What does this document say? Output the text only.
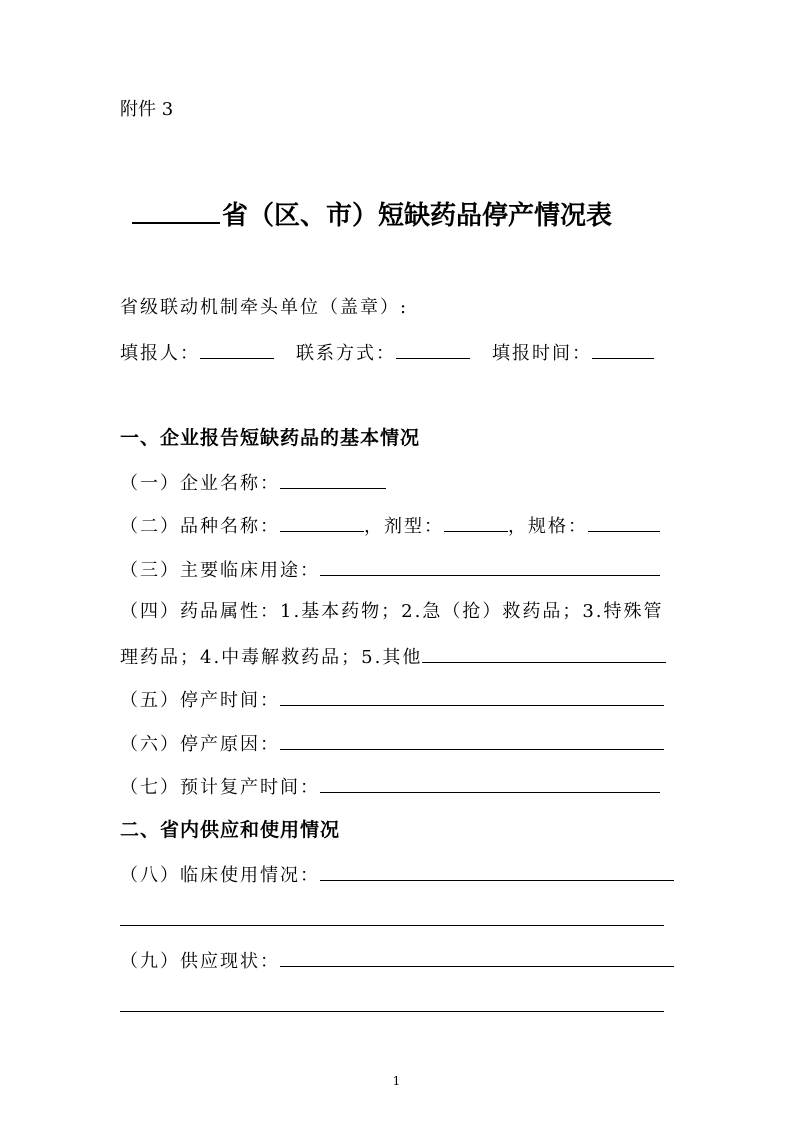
附件 3
省（区、市）短缺药品停产情况表
省级联动机制牵头单位（盖章）:
填报人：	联系方式：	填报时间：
一、企业报告短缺药品的基本情况
（一）企业名称：
（二）品种名称：	，剂型：	，规格：
（三）主要临床用途：
（四）药品属性：1.基本药物；2.急（抢）救药品；3.特殊管
理药品；4.中毒解救药品；5.其他
（五）停产时间：
（六）停产原因：
（七）预计复产时间：
二、省内供应和使用情况
（八）临床使用情况：
（九）供应现状：
1
